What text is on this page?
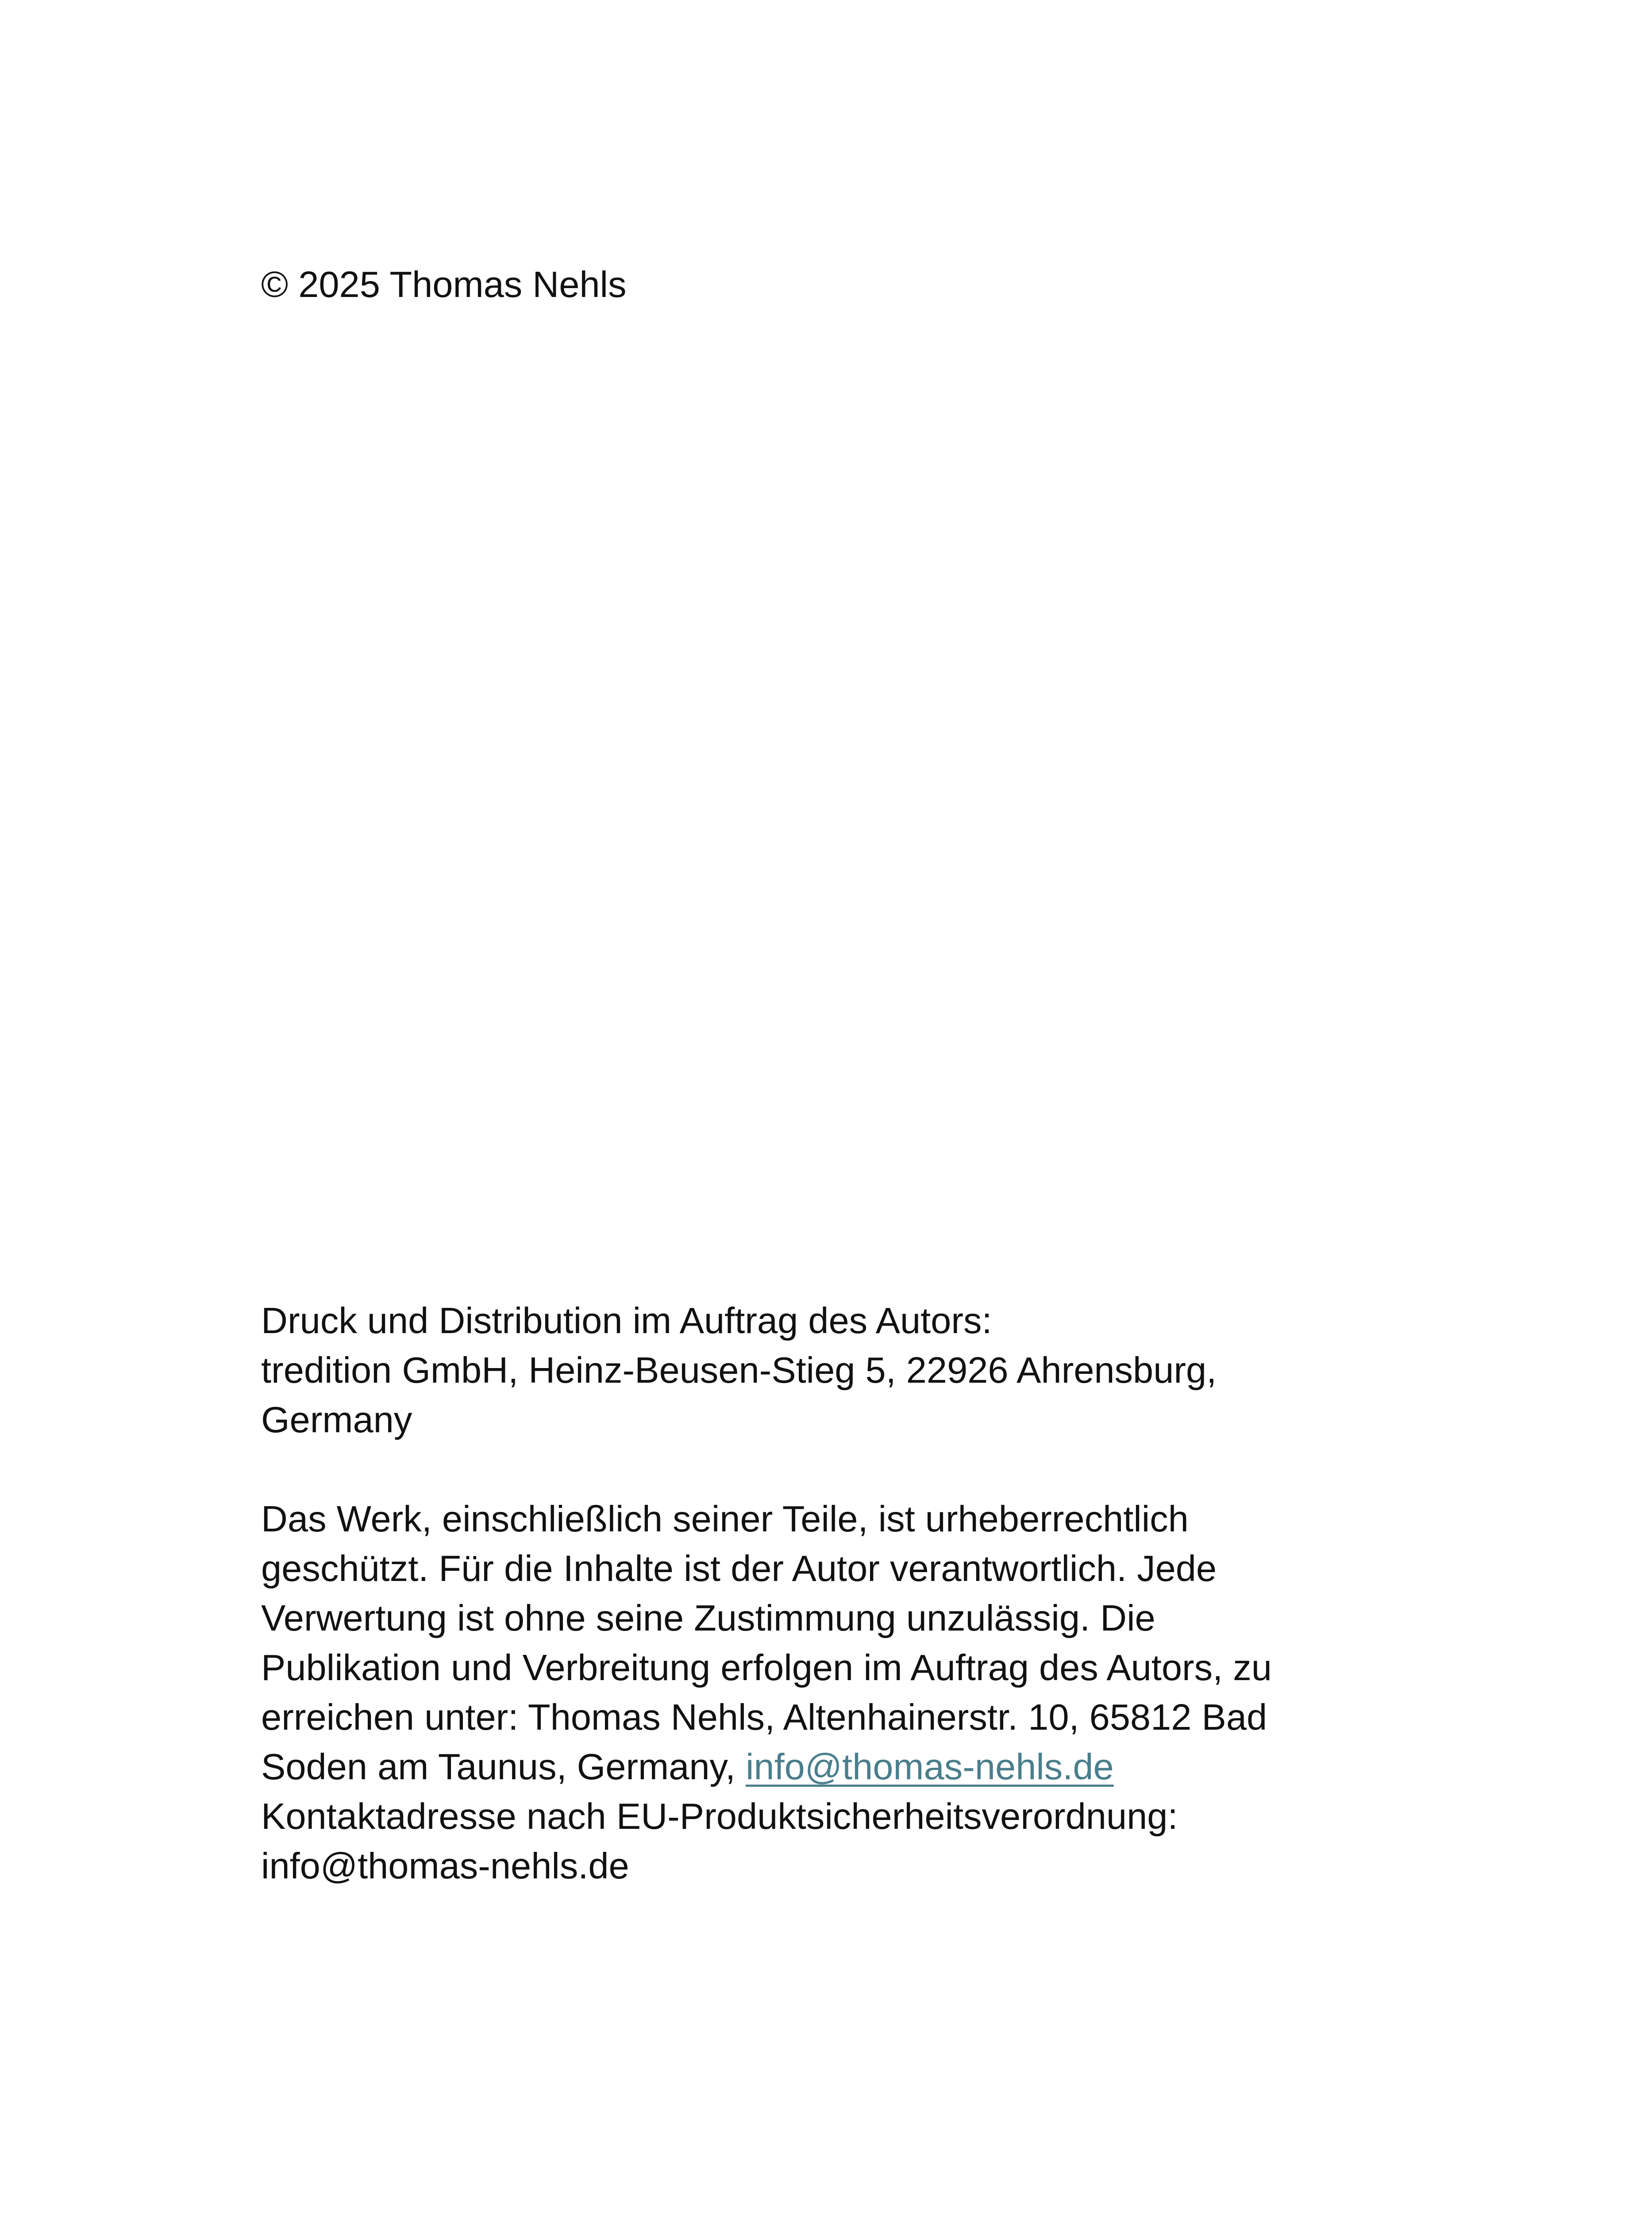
© 2025 Thomas Nehls
Druck und Distribution im Auftrag des Autors:
tredition GmbH, Heinz-Beusen-Stieg 5, 22926 Ahrensburg,
Germany
Das Werk, einschließlich seiner Teile, ist urheberrechtlich
geschützt. Für die Inhalte ist der Autor verantwortlich. Jede
Verwertung ist ohne seine Zustimmung unzulässig. Die
Publikation und Verbreitung erfolgen im Auftrag des Autors, zu
erreichen unter: Thomas Nehls, Altenhainerstr. 10, 65812 Bad
Soden am Taunus, Germany, info@thomas-nehls.de
Kontaktadresse nach EU-Produktsicherheitsverordnung:
info@thomas-nehls.de
